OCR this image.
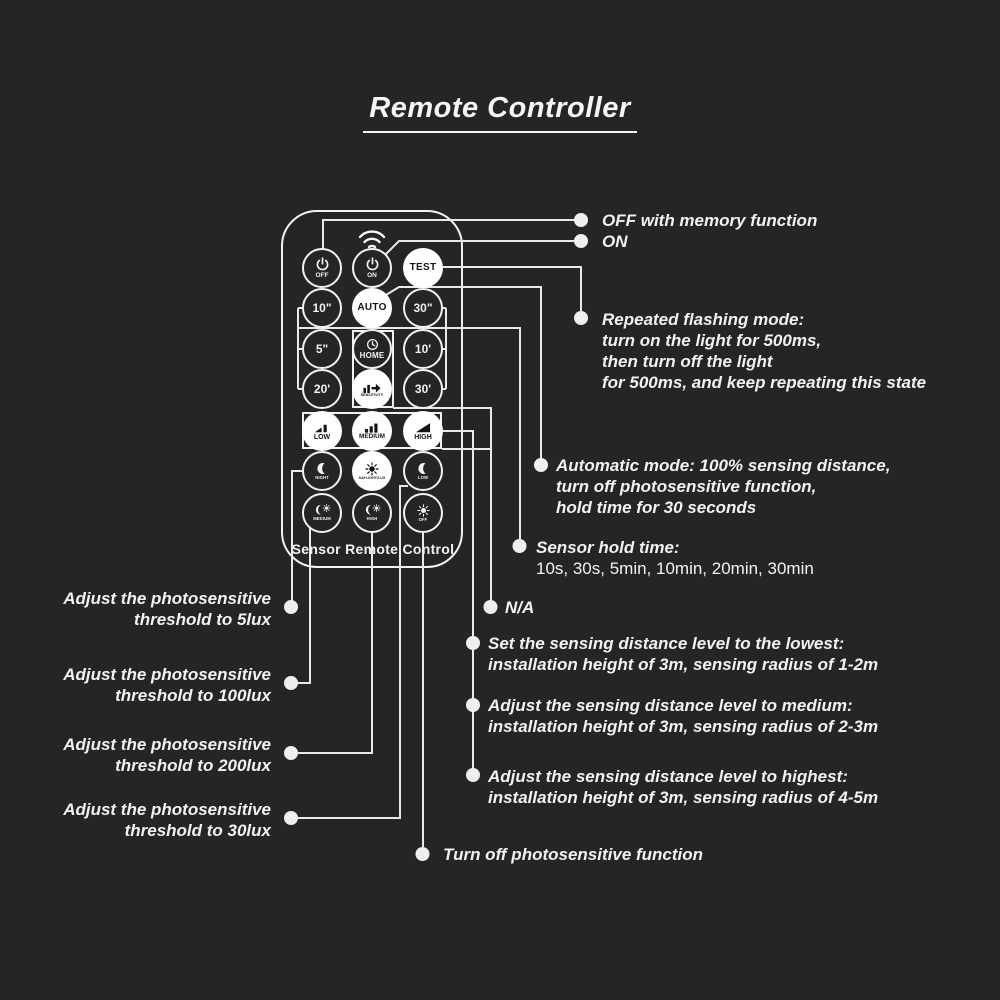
Remote Controller
OFF	ON
TEST
10"	AUTO 30"
5"	HOME	10'
20'	SENSITIVITY	30'
LOW	MEDIUM	HIGH
NIGHT	DAYLIGHT/LUX	LOW
MEDIUM	HIGH	OFF
Sensor Remote Control
OFF with memory function
ON
Repeated flashing mode:
turn on the light for 500ms,
then turn off the light
for 500ms, and keep repeating this state
Automatic mode: 100% sensing distance,
turn off photosensitive function,
hold time for 30 seconds
Sensor hold time:
10s, 30s, 5min, 10min, 20min, 30min
N/A
Set the sensing distance level to the lowest:
installation height of 3m, sensing radius of 1-2m
Adjust the sensing distance level to medium:
installation height of 3m, sensing radius of 2-3m
Adjust the sensing distance level to highest:
installation height of 3m, sensing radius of 4-5m
Adjust the photosensitive
threshold to 5lux
Adjust the photosensitive
threshold to 100lux
Adjust the photosensitive
threshold to 200lux
Adjust the photosensitive
threshold to 30lux
Turn off photosensitive function
